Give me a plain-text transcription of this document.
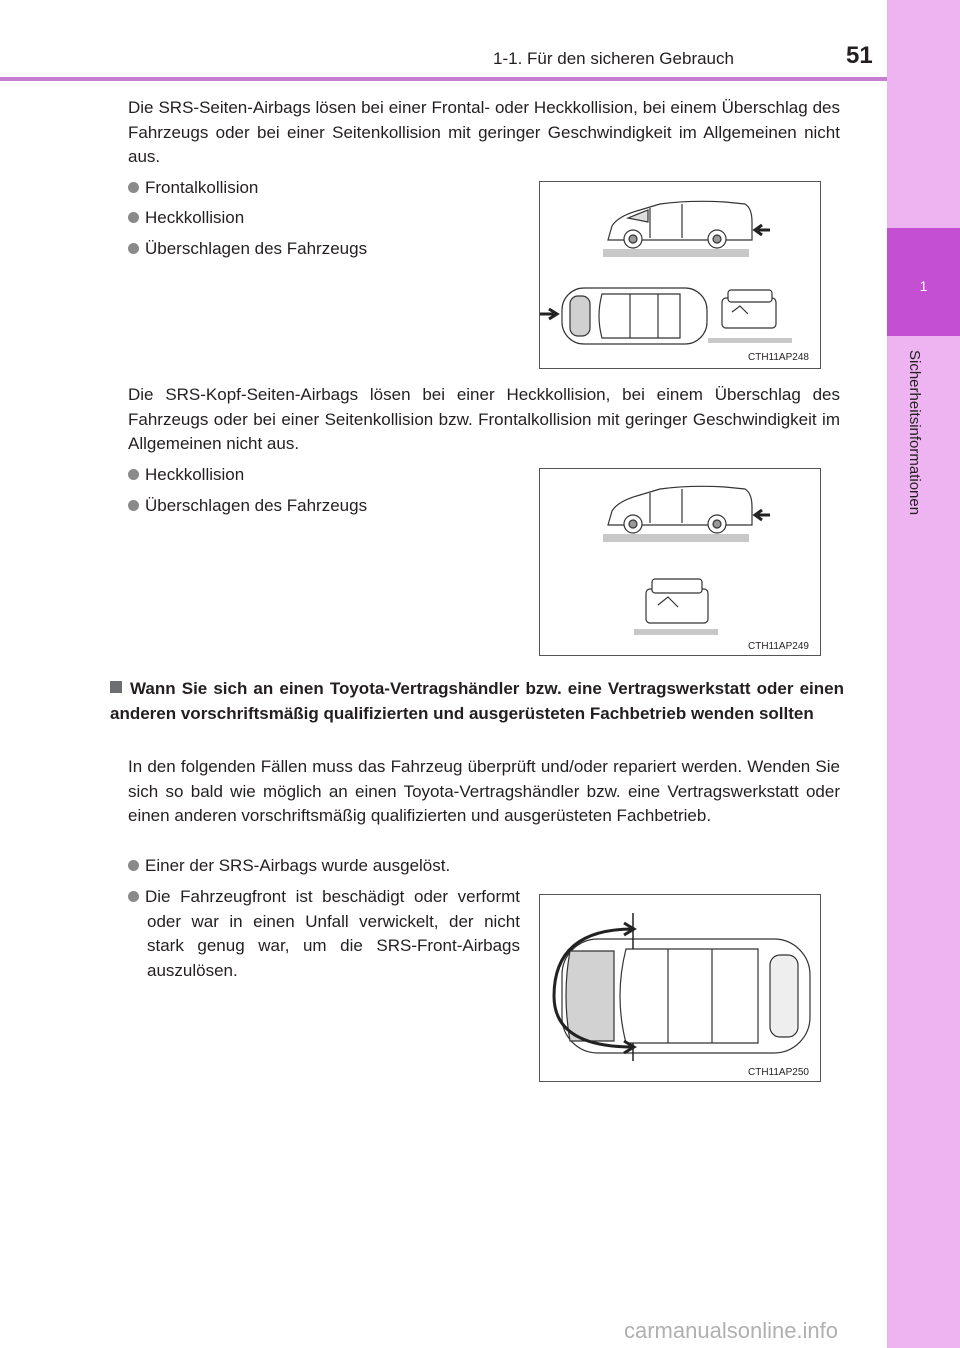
1-1. Für den sicheren Gebrauch	51
1
Sicherheitsinformationen
Die SRS-Seiten-Airbags lösen bei einer Frontal- oder Heckkollision, bei einem Überschlag des Fahrzeugs oder bei einer Seitenkollision mit geringer Geschwindigkeit im Allgemeinen nicht aus.
Frontalkollision
Heckkollision
Überschlagen des Fahrzeugs
CTH11AP248
Die SRS-Kopf-Seiten-Airbags lösen bei einer Heckkollision, bei einem Überschlag des Fahrzeugs oder bei einer Seitenkollision bzw. Frontalkollision mit geringer Geschwindigkeit im Allgemeinen nicht aus.
Heckkollision
Überschlagen des Fahrzeugs
CTH11AP249
Wann Sie sich an einen Toyota-Vertragshändler bzw. eine Vertragswerkstatt oder einen anderen vorschriftsmäßig qualifizierten und ausgerüsteten Fachbetrieb wenden sollten
In den folgenden Fällen muss das Fahrzeug überprüft und/oder repariert werden. Wenden Sie sich so bald wie möglich an einen Toyota-Vertragshändler bzw. eine Vertragswerkstatt oder einen anderen vorschriftsmäßig qualifizierten und ausgerüsteten Fachbetrieb.
Einer der SRS-Airbags wurde ausgelöst.
Die Fahrzeugfront ist beschädigt oder verformt oder war in einen Unfall verwickelt, der nicht stark genug war, um die SRS-Front-Airbags auszulösen.
CTH11AP250
carmanualsonline.info
